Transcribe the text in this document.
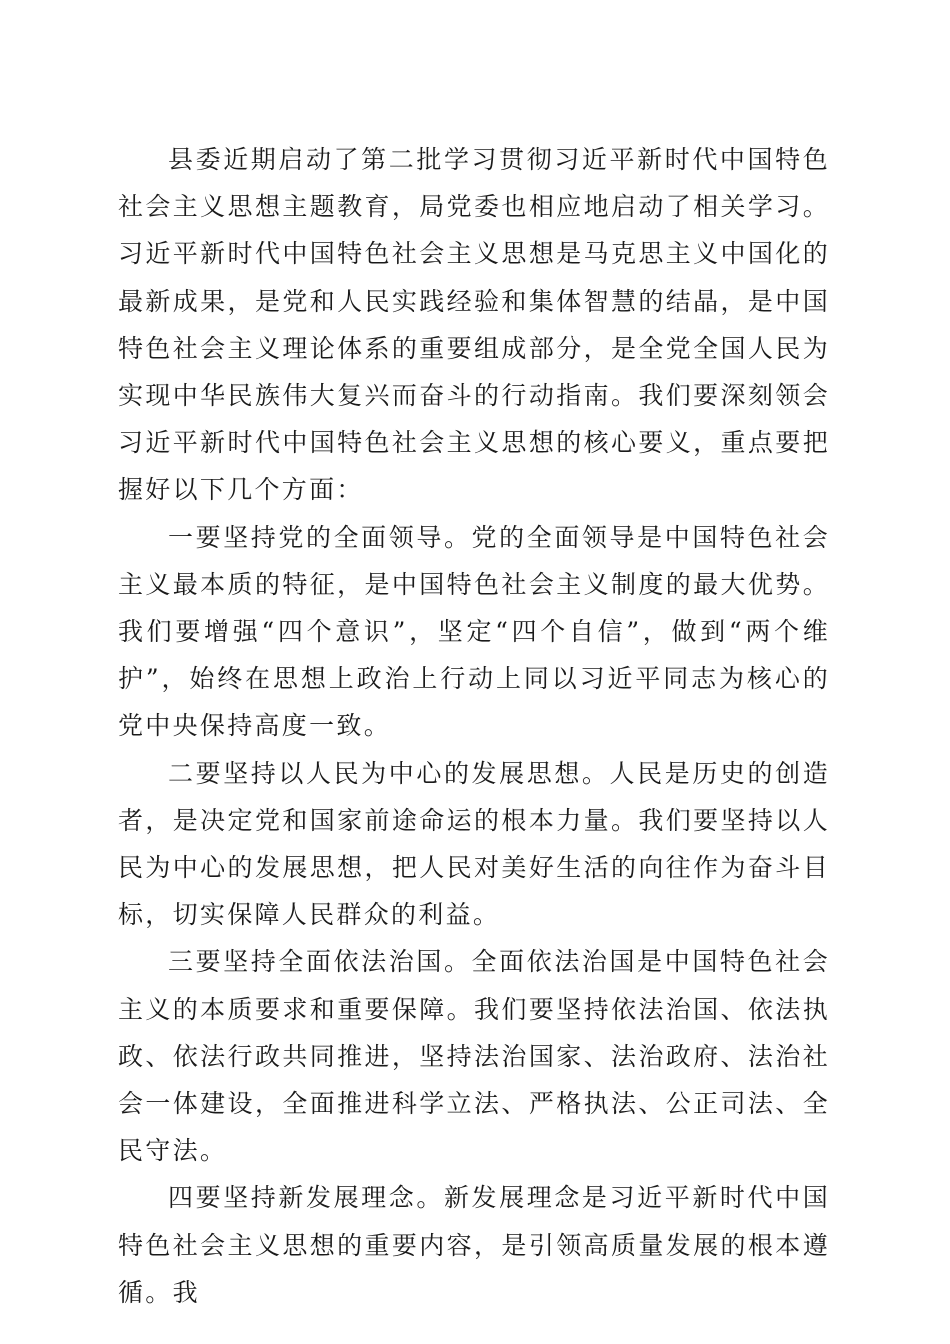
县委近期启动了第二批学习贯彻习近平新时代中国特色社会主义思想主题教育，局党委也相应地启动了相关学习。习近平新时代中国特色社会主义思想是马克思主义中国化的最新成果，是党和人民实践经验和集体智慧的结晶，是中国特色社会主义理论体系的重要组成部分，是全党全国人民为实现中华民族伟大复兴而奋斗的行动指南。我们要深刻领会习近平新时代中国特色社会主义思想的核心要义，重点要把握好以下几个方面：

一要坚持党的全面领导。党的全面领导是中国特色社会主义最本质的特征，是中国特色社会主义制度的最大优势。我们要增强“四个意识”，坚定“四个自信”，做到“两个维护”，始终在思想上政治上行动上同以习近平同志为核心的党中央保持高度一致。

二要坚持以人民为中心的发展思想。人民是历史的创造者，是决定党和国家前途命运的根本力量。我们要坚持以人民为中心的发展思想，把人民对美好生活的向往作为奋斗目标，切实保障人民群众的利益。

三要坚持全面依法治国。全面依法治国是中国特色社会主义的本质要求和重要保障。我们要坚持依法治国、依法执政、依法行政共同推进，坚持法治国家、法治政府、法治社会一体建设，全面推进科学立法、严格执法、公正司法、全民守法。

四要坚持新发展理念。新发展理念是习近平新时代中国特色社会主义思想的重要内容，是引领高质量发展的根本遵循。我
